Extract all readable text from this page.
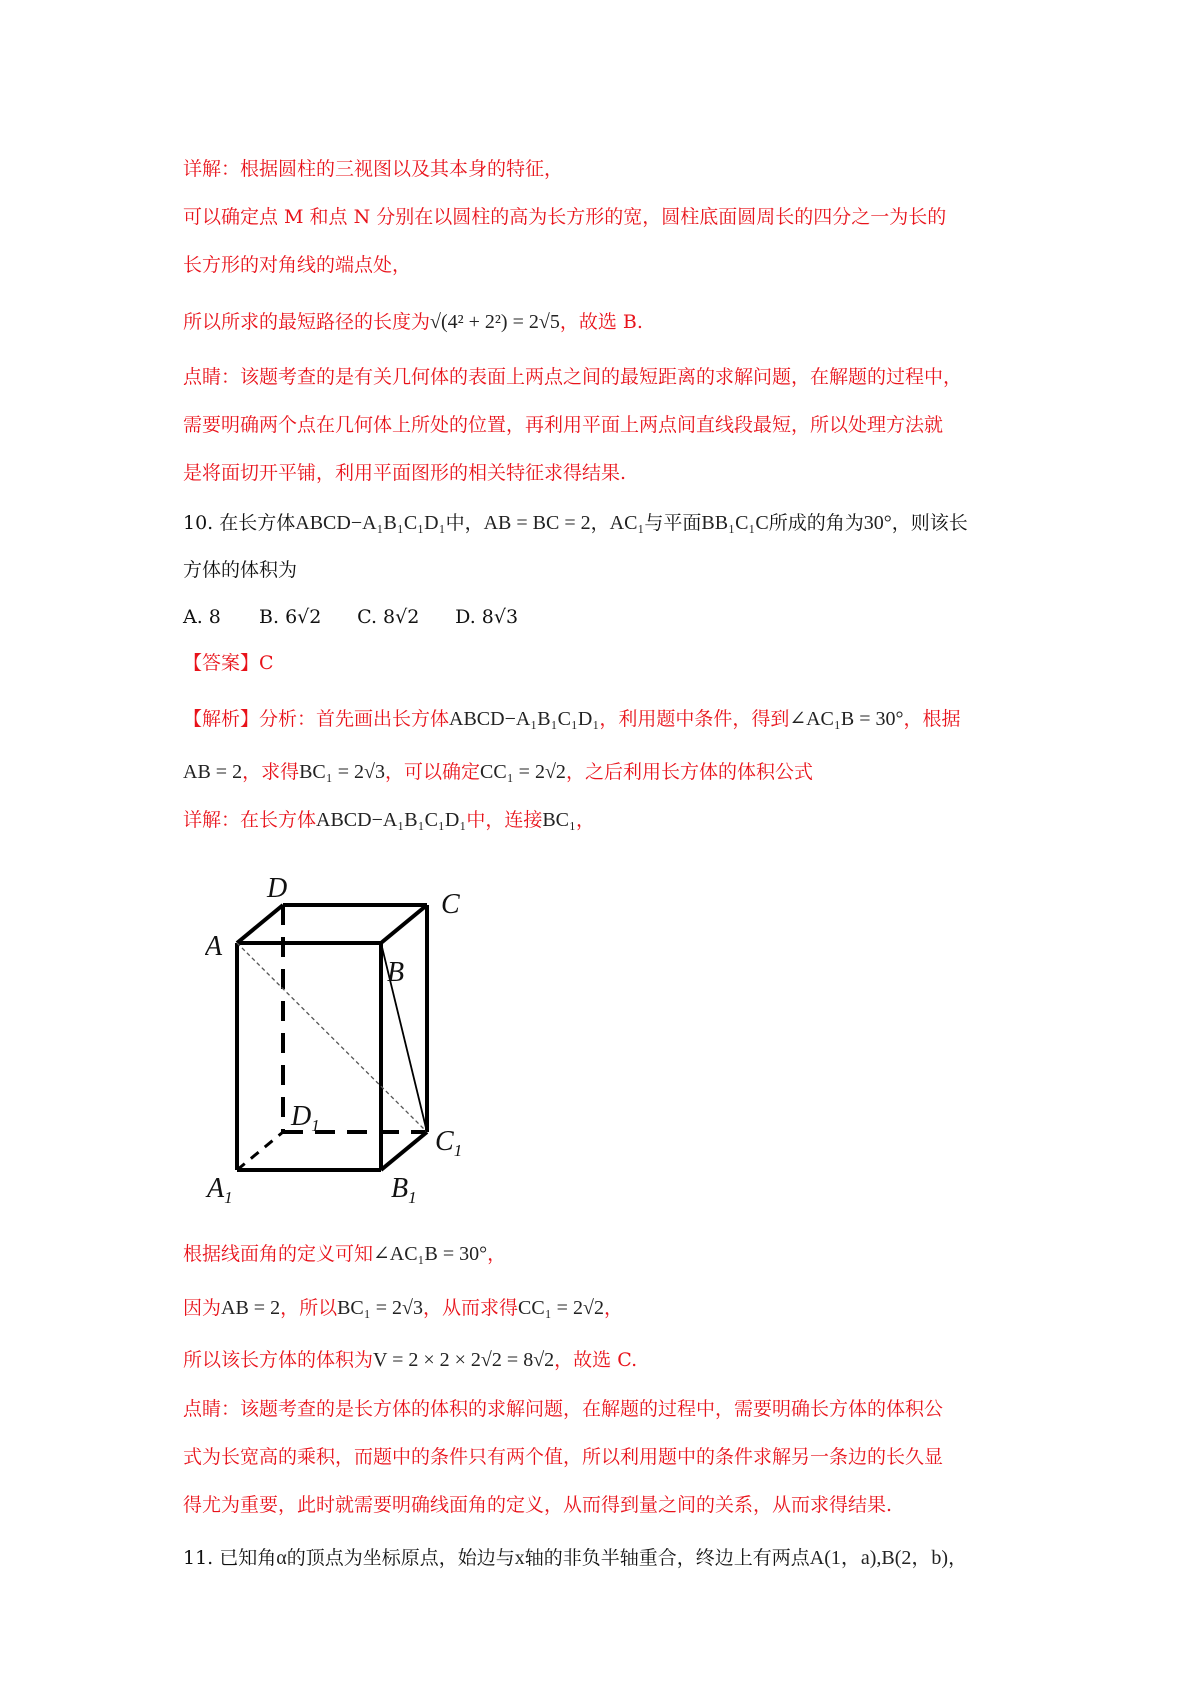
详解：根据圆柱的三视图以及其本身的特征，
可以确定点 M 和点 N 分别在以圆柱的高为长方形的宽，圆柱底面圆周长的四分之一为长的
长方形的对角线的端点处，
所以所求的最短路径的长度为√(4² + 2²) = 2√5，故选 B.
点睛：该题考查的是有关几何体的表面上两点之间的最短距离的求解问题，在解题的过程中，
需要明确两个点在几何体上所处的位置，再利用平面上两点间直线段最短，所以处理方法就
是将面切开平铺，利用平面图形的相关特征求得结果.
10. 在长方体ABCD−A₁B₁C₁D₁中，AB = BC = 2，AC₁与平面BB₁C₁C所成的角为30°，则该长
方体的体积为
A. 8 B. 6√2 C. 8√2 D. 8√3
【答案】C
【解析】分析：首先画出长方体ABCD−A₁B₁C₁D₁，利用题中条件，得到∠AC₁B = 30°，根据
AB = 2，求得BC₁ = 2√3，可以确定CC₁ = 2√2，之后利用长方体的体积公式
详解：在长方体ABCD−A₁B₁C₁D₁中，连接BC₁，
D
C
A
B
$D_1$
$C_1$
$A_1$	$B_1$
根据线面角的定义可知∠AC₁B = 30°，
因为AB = 2，所以BC₁ = 2√3，从而求得CC₁ = 2√2，
所以该长方体的体积为V = 2 × 2 × 2√2 = 8√2，故选 C.
点睛：该题考查的是长方体的体积的求解问题，在解题的过程中，需要明确长方体的体积公
式为长宽高的乘积，而题中的条件只有两个值，所以利用题中的条件求解另一条边的长久显
得尤为重要，此时就需要明确线面角的定义，从而得到量之间的关系，从而求得结果.
11. 已知角α的顶点为坐标原点，始边与x轴的非负半轴重合，终边上有两点A(1，a),B(2，b)，
